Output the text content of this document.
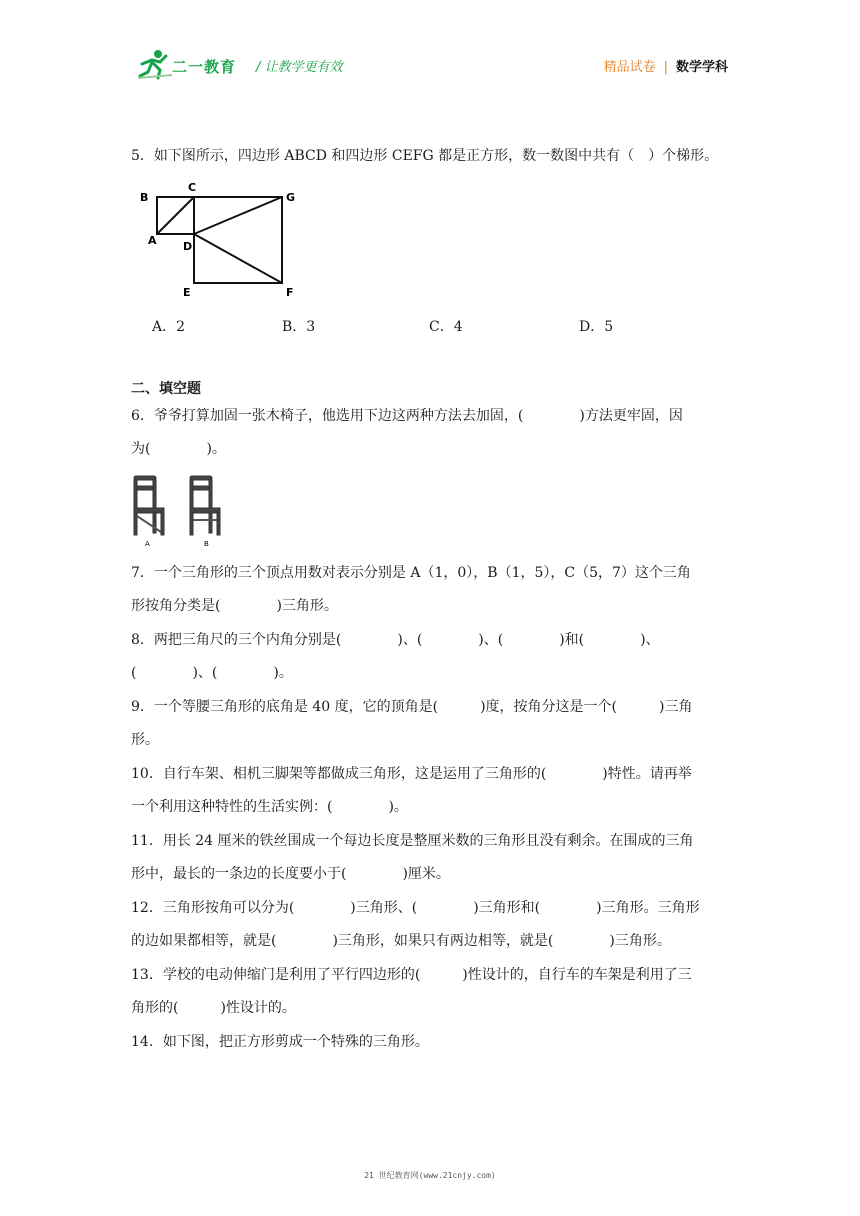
二一教育 / 让教学更有效	精品试卷 | 数学学科
5．如下图所示，四边形 ABCD 和四边形 CEFG 都是正方形，数一数图中共有（　）个梯形。
B
C
G
A D
E	F
A．2	B．3	C．4	D．5
二、填空题
6．爷爷打算加固一张木椅子，他选用下边这两种方法去加固，(　　　　)方法更牢固，因
为(　　　　)。
A	B
7．一个三角形的三个顶点用数对表示分别是 A（1，0），B（1，5），C（5，7）这个三角
形按角分类是(　　　　)三角形。
8．两把三角尺的三个内角分别是(　　　　)、(　　　　)、(　　　　)和(　　　　)、
(　　　　)、(　　　　)。
9．一个等腰三角形的底角是 40 度，它的顶角是(　　　)度，按角分这是一个(　　　)三角
形。
10．自行车架、相机三脚架等都做成三角形，这是运用了三角形的(　　　　)特性。请再举
一个利用这种特性的生活实例：(　　　　)。
11．用长 24 厘米的铁丝围成一个每边长度是整厘米数的三角形且没有剩余。在围成的三角
形中，最长的一条边的长度要小于(　　　　)厘米。
12．三角形按角可以分为(　　　　)三角形、(　　　　)三角形和(　　　　)三角形。三角形
的边如果都相等，就是(　　　　)三角形，如果只有两边相等，就是(　　　　)三角形。
13．学校的电动伸缩门是利用了平行四边形的(　　　)性设计的，自行车的车架是利用了三
角形的(　　　)性设计的。
14．如下图，把正方形剪成一个特殊的三角形。
21 世纪教育网(www.21cnjy.com)
